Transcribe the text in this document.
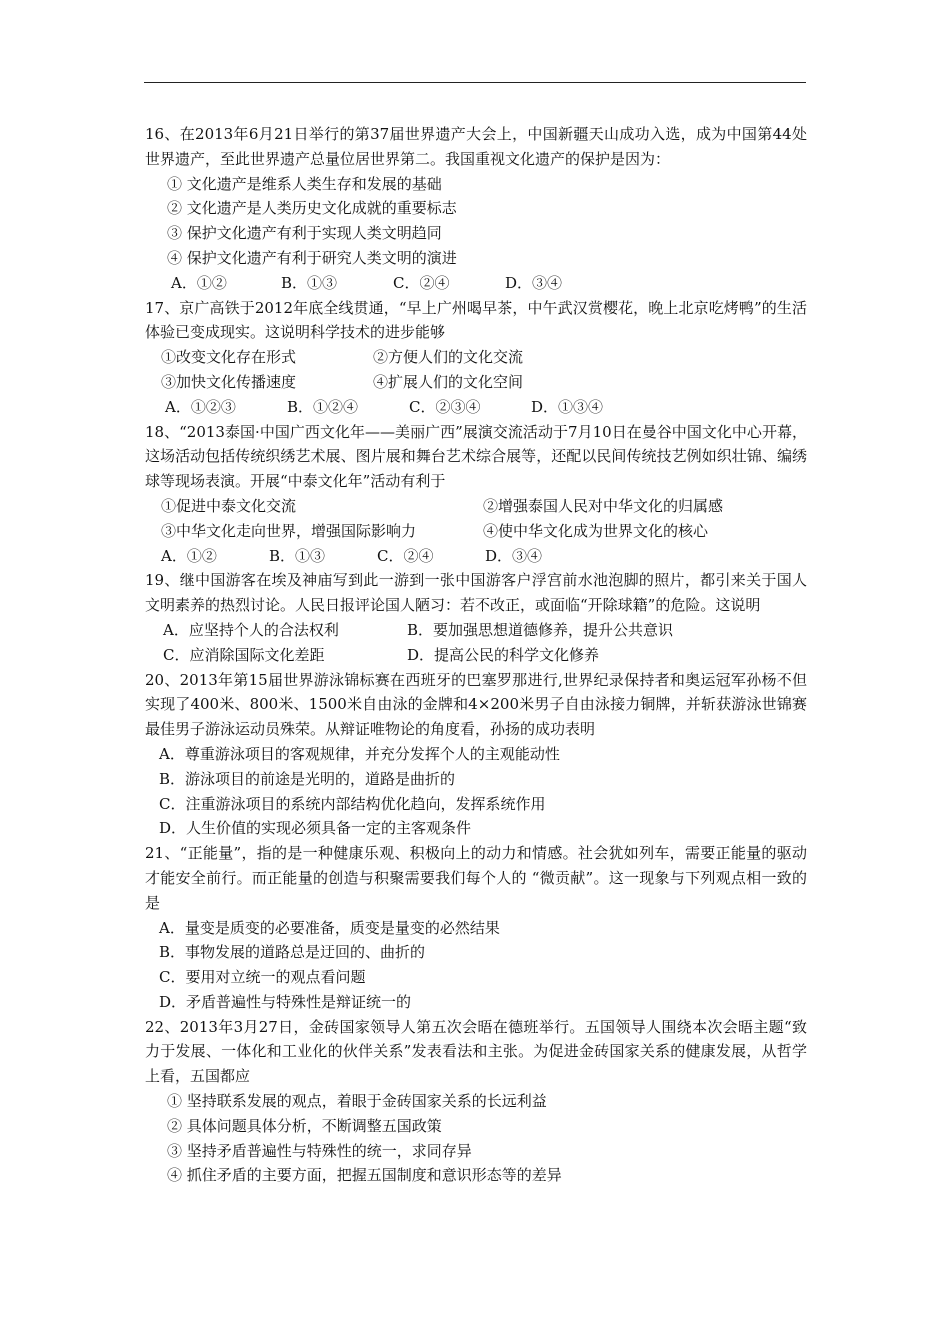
16、在2013年6月21日举行的第37届世界遗产大会上，中国新疆天山成功入选，成为中国第44处世界遗产，至此世界遗产总量位居世界第二。我国重视文化遗产的保护是因为：

① 文化遗产是维系人类生存和发展的基础

② 文化遗产是人类历史文化成就的重要标志

③ 保护文化遗产有利于实现人类文明趋同

④ 保护文化遗产有利于研究人类文明的演进

A．①②	B．①③	C．②④	D．③④

17、京广高铁于2012年底全线贯通，“早上广州喝早茶，中午武汉赏樱花，晚上北京吃烤鸭”的生活体验已变成现实。这说明科学技术的进步能够

①改变文化存在形式	②方便人们的文化交流
③加快文化传播速度	④扩展人们的文化空间
A．①②③	B．①②④	C．②③④	D．①③④

18、“2013泰国·中国广西文化年——美丽广西”展演交流活动于7月10日在曼谷中国文化中心开幕，这场活动包括传统织绣艺术展、图片展和舞台艺术综合展等，还配以民间传统技艺例如织壮锦、编绣球等现场表演。开展“中泰文化年”活动有利于

①促进中泰文化交流	②增强泰国人民对中华文化的归属感
③中华文化走向世界，增强国际影响力	④使中华文化成为世界文化的核心
A．①②	B．①③	C．②④	D．③④

19、继中国游客在埃及神庙写到此一游到一张中国游客户浮宫前水池泡脚的照片，都引来关于国人文明素养的热烈讨论。人民日报评论国人陋习：若不改正，或面临“开除球籍”的危险。这说明

A．应坚持个人的合法权利	B．要加强思想道德修养，提升公共意识
C．应消除国际文化差距	D．提高公民的科学文化修养

20、2013年第15届世界游泳锦标赛在西班牙的巴塞罗那进行,世界纪录保持者和奥运冠军孙杨不但实现了400米、800米、1500米自由泳的金牌和4×200米男子自由泳接力铜牌，并斩获游泳世锦赛最佳男子游泳运动员殊荣。从辩证唯物论的角度看，孙扬的成功表明

A．尊重游泳项目的客观规律，并充分发挥个人的主观能动性

B．游泳项目的前途是光明的，道路是曲折的

C．注重游泳项目的系统内部结构优化趋向，发挥系统作用

D．人生价值的实现必须具备一定的主客观条件

21、“正能量”，指的是一种健康乐观、积极向上的动力和情感。社会犹如列车，需要正能量的驱动才能安全前行。而正能量的创造与积聚需要我们每个人的 “微贡献”。这一现象与下列观点相一致的是

A．量变是质变的必要准备，质变是量变的必然结果

B．事物发展的道路总是迂回的、曲折的

C．要用对立统一的观点看问题

D．矛盾普遍性与特殊性是辩证统一的

22、2013年3月27日，金砖国家领导人第五次会晤在德班举行。五国领导人围绕本次会晤主题“致力于发展、一体化和工业化的伙伴关系”发表看法和主张。为促进金砖国家关系的健康发展，从哲学上看，五国都应

① 坚持联系发展的观点，着眼于金砖国家关系的长远利益

② 具体问题具体分析，不断调整五国政策

③ 坚持矛盾普遍性与特殊性的统一，求同存异

④ 抓住矛盾的主要方面，把握五国制度和意识形态等的差异
